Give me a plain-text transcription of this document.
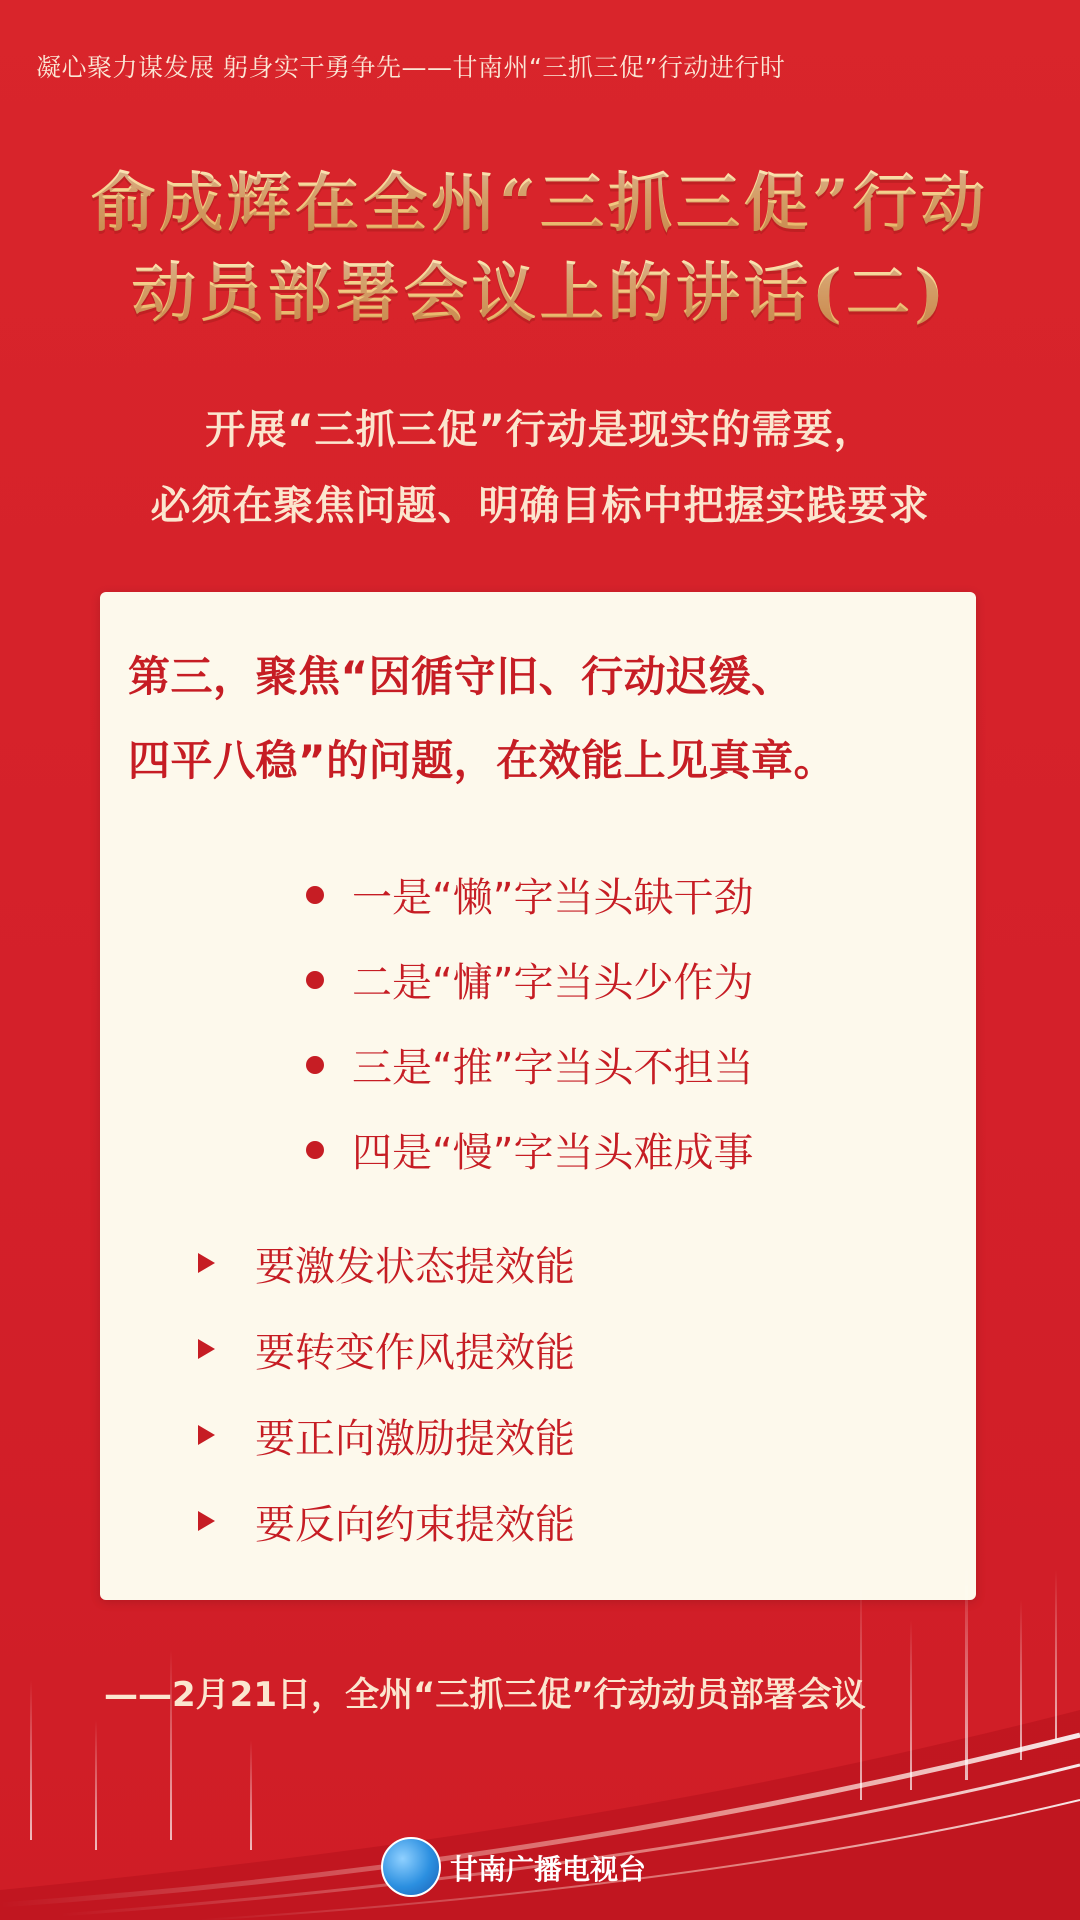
凝心聚力谋发展 躬身实干勇争先——甘南州“三抓三促”行动进行时
俞成辉在全州“三抓三促”行动
动员部署会议上的讲话(二)
开展“三抓三促”行动是现实的需要，
必须在聚焦问题、明确目标中把握实践要求
第三，聚焦“因循守旧、行动迟缓、
四平八稳”的问题，在效能上见真章。
一是“懒”字当头缺干劲
二是“慵”字当头少作为
三是“推”字当头不担当
四是“慢”字当头难成事
要激发状态提效能
要转变作风提效能
要正向激励提效能
要反向约束提效能
——2月21日，全州“三抓三促”行动动员部署会议
甘南广播电视台
